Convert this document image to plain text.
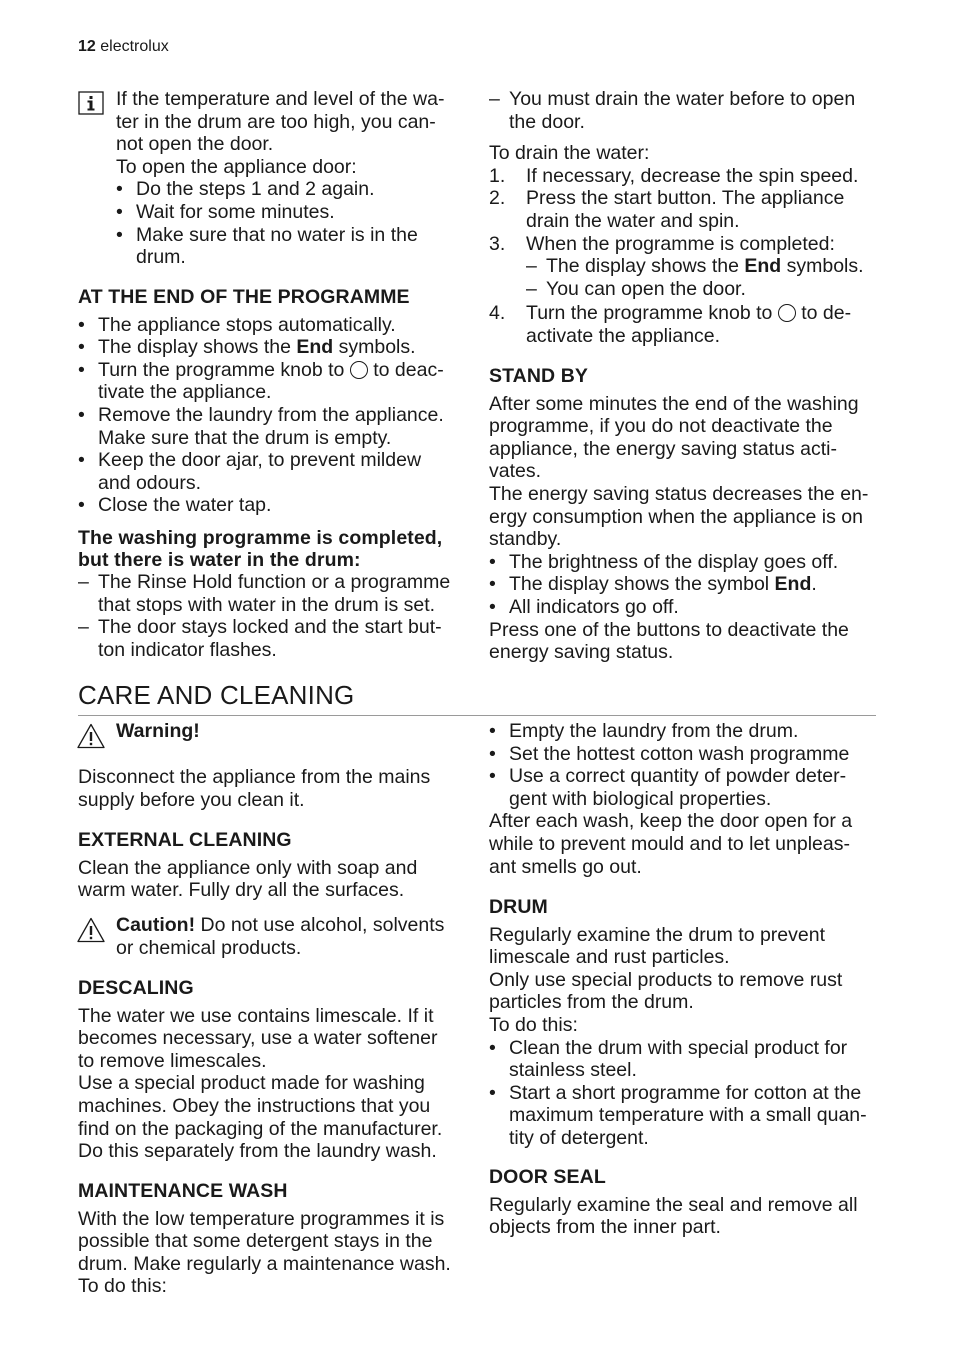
12 electrolux

If the temperature and level of the wa-
ter in the drum are too high, you can-
not open the door.

To open the appliance door:

• Do the steps 1 and 2 again.

• Wait for some minutes.

• Make sure that no water is in the
drum.

AT THE END OF THE PROGRAMME

• The appliance stops automatically.

• The display shows the End symbols.

• Turn the programme knob to  to deac-
tivate the appliance.

• Remove the laundry from the appliance.
Make sure that the drum is empty.

• Keep the door ajar, to prevent mildew
and odours.

• Close the water tap.

The washing programme is completed,
but there is water in the drum:

– The Rinse Hold function or a programme
that stops with water in the drum is set.

– The door stays locked and the start but-
ton indicator flashes.

– You must drain the water before to open
the door.

To drain the water:

1. If necessary, decrease the spin speed.

2. Press the start button. The appliance
drain the water and spin.

3. When the programme is completed:

– The display shows the End symbols.

– You can open the door.

4. Turn the programme knob to  to de-
activate the appliance.

STAND BY

After some minutes the end of the washing
programme, if you do not deactivate the
appliance, the energy saving status acti-
vates.

The energy saving status decreases the en-
ergy consumption when the appliance is on
standby.

• The brightness of the display goes off.

• The display shows the symbol End.

• All indicators go off.

Press one of the buttons to deactivate the
energy saving status.

CARE AND CLEANING
Warning!

Disconnect the appliance from the mains
supply before you clean it.

EXTERNAL CLEANING

Clean the appliance only with soap and
warm water. Fully dry all the surfaces.

Caution! Do not use alcohol, solvents
or chemical products.

DESCALING

The water we use contains limescale. If it
becomes necessary, use a water softener
to remove limescales.

Use a special product made for washing
machines. Obey the instructions that you
find on the packaging of the manufacturer.
Do this separately from the laundry wash.

MAINTENANCE WASH

With the low temperature programmes it is
possible that some detergent stays in the
drum. Make regularly a maintenance wash.
To do this:

• Empty the laundry from the drum.

• Set the hottest cotton wash programme

• Use a correct quantity of powder deter-
gent with biological properties.

After each wash, keep the door open for a
while to prevent mould and to let unpleas-
ant smells go out.

DRUM

Regularly examine the drum to prevent
limescale and rust particles.

Only use special products to remove rust
particles from the drum.

To do this:

• Clean the drum with special product for
stainless steel.

• Start a short programme for cotton at the
maximum temperature with a small quan-
tity of detergent.

DOOR SEAL

Regularly examine the seal and remove all
objects from the inner part.
